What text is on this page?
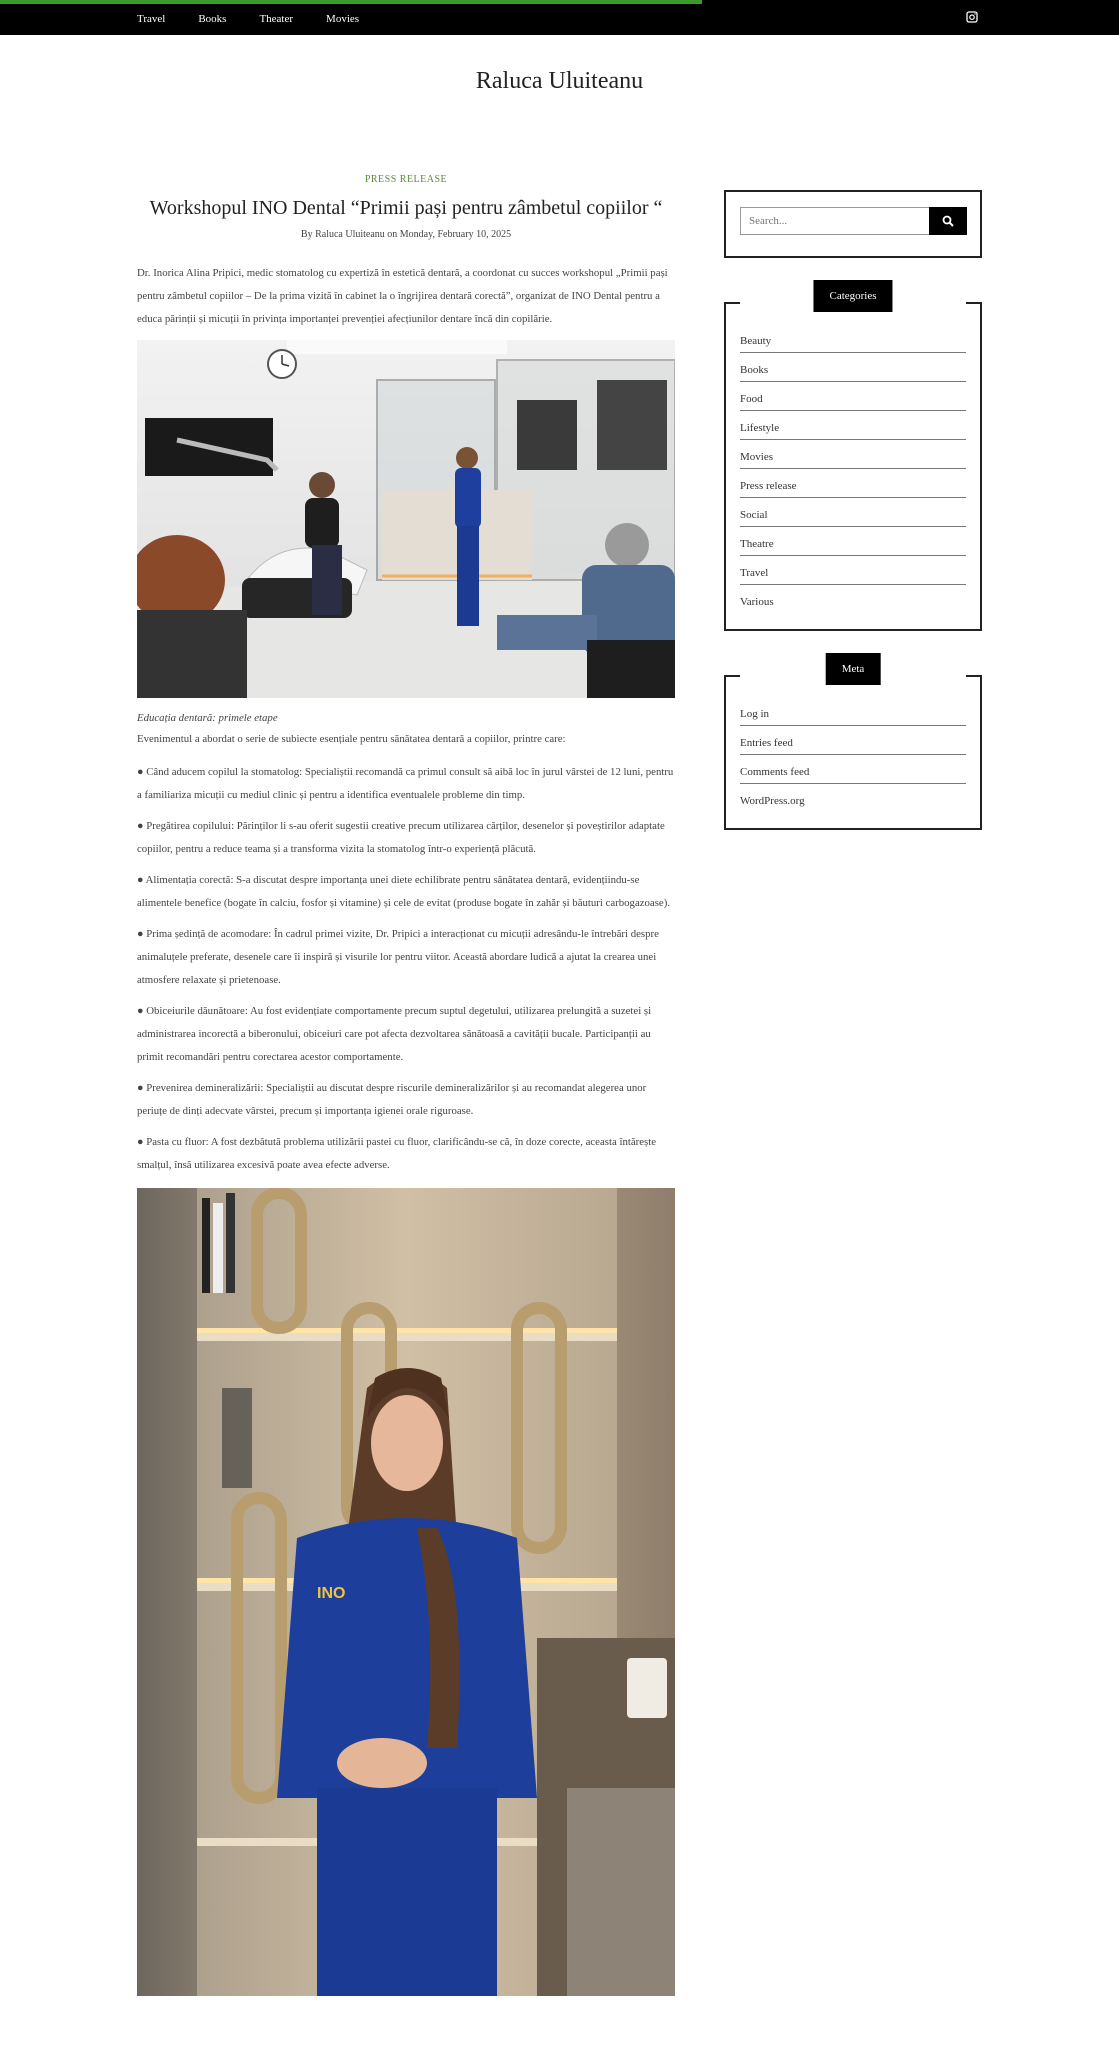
Travel	Books	Theater	Movies
Raluca Uluiteanu
PRESS RELEASE
Workshopul INO Dental “Primii pași pentru zâmbetul copiilor “
By Raluca Uluiteanu on Monday, February 10, 2025

Dr. Inorica Alina Pripici, medic stomatolog cu expertiză în estetică dentară, a coordonat cu succes workshopul „Primii pași pentru zâmbetul copiilor – De la prima vizită în cabinet la o îngrijirea dentară corectă”, organizat de INO Dental pentru a educa părinții și micuții în privința importanței prevenției afecțiunilor dentare încă din copilărie.

Educația dentară: primele etape

Evenimentul a abordat o serie de subiecte esențiale pentru sănătatea dentară a copiilor, printre care:

● Când aducem copilul la stomatolog: Specialiștii recomandă ca primul consult să aibă loc în jurul vârstei de 12 luni, pentru a familiariza micuții cu mediul clinic și pentru a identifica eventualele probleme din timp.

● Pregătirea copilului: Părinților li s-au oferit sugestii creative precum utilizarea cărților, desenelor și poveștirilor adaptate copiilor, pentru a reduce teama și a transforma vizita la stomatolog într-o experiență plăcută.

● Alimentația corectă: S-a discutat despre importanța unei diete echilibrate pentru sănătatea dentară, evidențiindu-se alimentele benefice (bogate în calciu, fosfor și vitamine) și cele de evitat (produse bogate în zahăr și băuturi carbogazoase).

● Prima ședință de acomodare: În cadrul primei vizite, Dr. Pripici a interacționat cu micuții adresându-le întrebări despre animaluțele preferate, desenele care îi inspiră și visurile lor pentru viitor. Această abordare ludică a ajutat la crearea unei atmosfere relaxate și prietenoase.

● Obiceiurile dăunătoare: Au fost evidențiate comportamente precum suptul degetului, utilizarea prelungită a suzetei și administrarea incorectă a biberonului, obiceiuri care pot afecta dezvoltarea sănătoasă a cavității bucale. Participanții au primit recomandări pentru corectarea acestor comportamente.

● Prevenirea demineralizării: Specialiștii au discutat despre riscurile demineralizărilor și au recomandat alegerea unor periuțe de dinți adecvate vârstei, precum și importanța igienei orale riguroase.

● Pasta cu fluor: A fost dezbătută problema utilizării pastei cu fluor, clarificându-se că, în doze corecte, aceasta întărește smalțul, însă utilizarea excesivă poate avea efecte adverse.

INO
Search...
Categories
Beauty
Books
Food
Lifestyle
Movies
Press release
Social
Theatre
Travel
Various
Meta
Log in
Entries feed
Comments feed
WordPress.org
